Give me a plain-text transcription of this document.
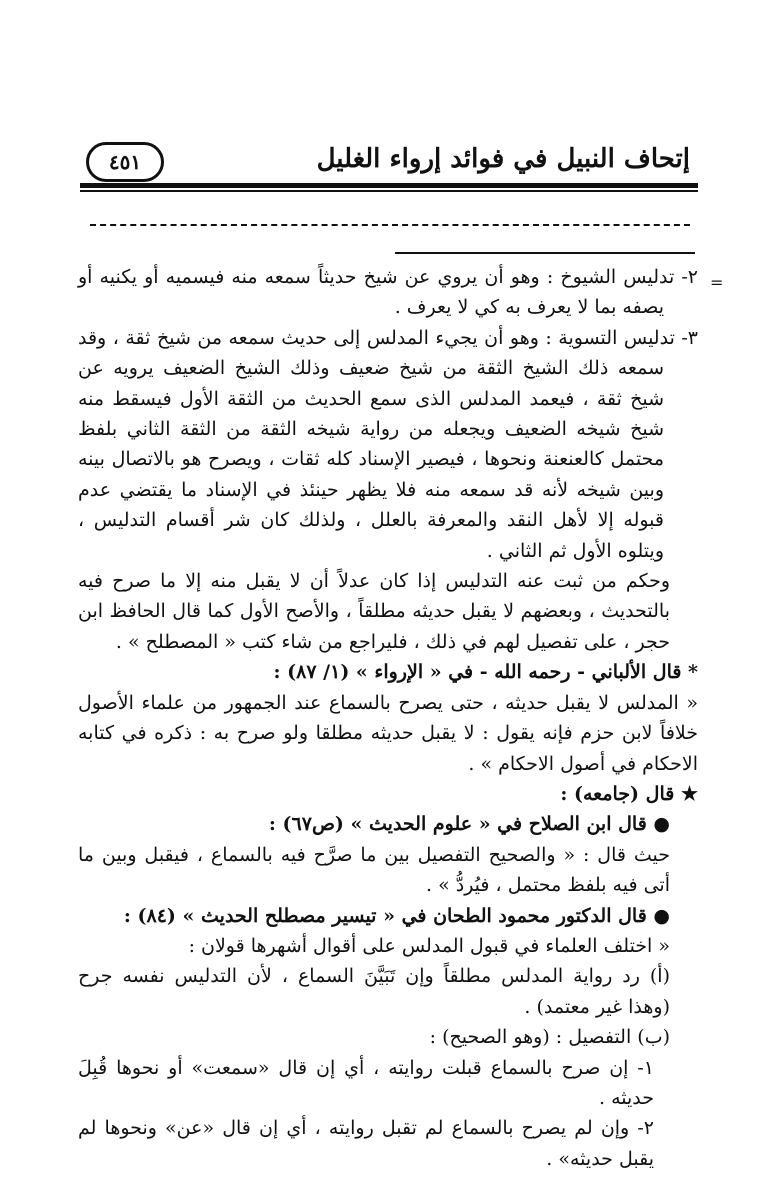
إتحاف النبيل في فوائد إرواء الغليل
٤٥١
=

٢- تدليس الشيوخ : وهو أن يروي عن شيخ حديثاً سمعه منه فيسميه أو يكنيه أو يصفه بما لا يعرف به كي لا يعرف .

٣- تدليس التسوية : وهو أن يجيء المدلس إلى حديث سمعه من شيخ ثقة ، وقد سمعه ذلك الشيخ الثقة من شيخ ضعيف وذلك الشيخ الضعيف يرويه عن شيخ ثقة ، فيعمد المدلس الذى سمع الحديث من الثقة الأول فيسقط منه شيخ شيخه الضعيف ويجعله من رواية شيخه الثقة من الثقة الثاني بلفظ محتمل كالعنعنة ونحوها ، فيصير الإسناد كله ثقات ، ويصرح هو بالاتصال بينه وبين شيخه لأنه قد سمعه منه فلا يظهر حينئذ في الإسناد ما يقتضي عدم قبوله إلا لأهل النقد والمعرفة بالعلل ، ولذلك كان شر أقسام التدليس ، ويتلوه الأول ثم الثاني .

وحكم من ثبت عنه التدليس إذا كان عدلاً أن لا يقبل منه إلا ما صرح فيه بالتحديث ، وبعضهم لا يقبل حديثه مطلقاً ، والأصح الأول كما قال الحافظ ابن حجر ، على تفصيل لهم في ذلك ، فليراجع من شاء كتب « المصطلح » .

* قال الألباني - رحمه الله - في « الإرواء » (١/ ٨٧) :

« المدلس لا يقبل حديثه ، حتى يصرح بالسماع عند الجمهور من علماء الأصول خلافاً لابن حزم فإنه يقول : لا يقبل حديثه مطلقا ولو صرح به : ذكره في كتابه الاحكام في أصول الاحكام » .

★ قال (جامعه) :

● قال ابن الصلاح في « علوم الحديث » (ص٦٧) :

حيث قال : « والصحيح التفصيل بين ما صرَّح فيه بالسماع ، فيقبل وبين ما أتى فيه بلفظ محتمل ، فيُردُّ » .

● قال الدكتور محمود الطحان في « تيسير مصطلح الحديث » (٨٤) :

« اختلف العلماء في قبول المدلس على أقوال أشهرها قولان :

(أ) رد رواية المدلس مطلقاً وإن تَبَيَّنَ السماع ، لأن التدليس نفسه جرح (وهذا غير معتمد) .

(ب) التفصيل : (وهو الصحيح) :

١- إن صرح بالسماع قبلت روايته ، أي إن قال «سمعت» أو نحوها قُبِلَ حديثه .

٢- وإن لم يصرح بالسماع لم تقبل روايته ، أي إن قال «عن» ونحوها لم يقبل حديثه» .
